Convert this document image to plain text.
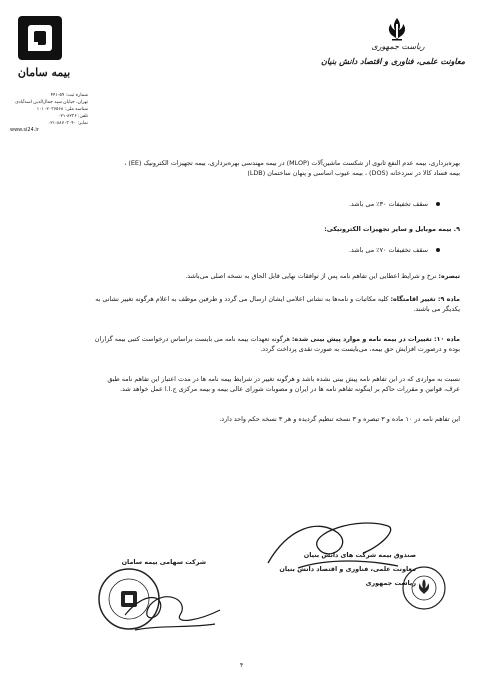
بیمه سامان
شماره ثبت: ۵۹-۴۴۱
تهران، خیابان سید جمال‌الدین اسدآبادی
شناسه ملی: ۱۰۱۰۲۰۳۷۵۶۸
تلفن: ۸۲۳۶-۰۲۱
نمابر: ۸۸۷۰۳۰۴۰-۰۲۱
www.si24.ir
ریاست جمهوری
معاونت علمی، فناوری و اقتصاد دانش بنیان
بهره‌برداری، بیمه عدم النفع ثانوی از شکست ماشین‌آلات (MLOP) در بیمه مهندسی بهره‌برداری، بیمه تجهیزات الکترونیک (EE) ،
بیمه فساد کالا در سردخانه (DOS) ، بیمه عیوب اساسی و پنهان ساختمان (LDB)
سقف تخفیفات ۳۰٪ می باشد.
۹. بیمه موبایل و سایر تجهیزات الکترونیکی:
سقف تخفیفات ۷۰٪ می باشد.
تبصره: نرخ و شرایط اعطایی این تفاهم نامه پس از توافقات نهایی قابل الحاق به نسخه اصلی می‌باشد.
ماده ۹: تغییر اقامتگاه: کلیه مکاتبات و نامه‌ها به نشانی اعلامی ایشان ارسال می گردد و طرفین موظف به اعلام هرگونه تغییر نشانی به
یکدیگر می باشند.
ماده ۱۰: تغییرات در بیمه نامه و موارد پیش بینی شده: هرگونه تعهدات بیمه نامه می بایست براساس درخواست کتبی بیمه گزاران
بوده و درصورت افزایش حق بیمه، می‌بایست به صورت نقدی پرداخت گردد.
نسبت به مواردی که در این تفاهم نامه پیش بینی نشده باشد و هرگونه تغییر در شرایط بیمه نامه ها در مدت اعتبار این تفاهم نامه طبق
عرف، قوانین و مقررات حاکم بر اینگونه تفاهم نامه ها در ایران و مصوبات شورای عالی بیمه و بیمه مرکزی ج.ا.ا عمل خواهد شد.
این تفاهم نامه در ۱۰ ماده و ۳ تبصره و ۳ نسخه تنظیم گردیده و هر ۳ نسخه حکم واحد دارد.
صندوق بیمه شرکت های دانش بنیان
معاونت علمی، فناوری و اقتصاد دانش بنیان
ریاست جمهوری
شرکت سهامی بیمه سامان
۴
